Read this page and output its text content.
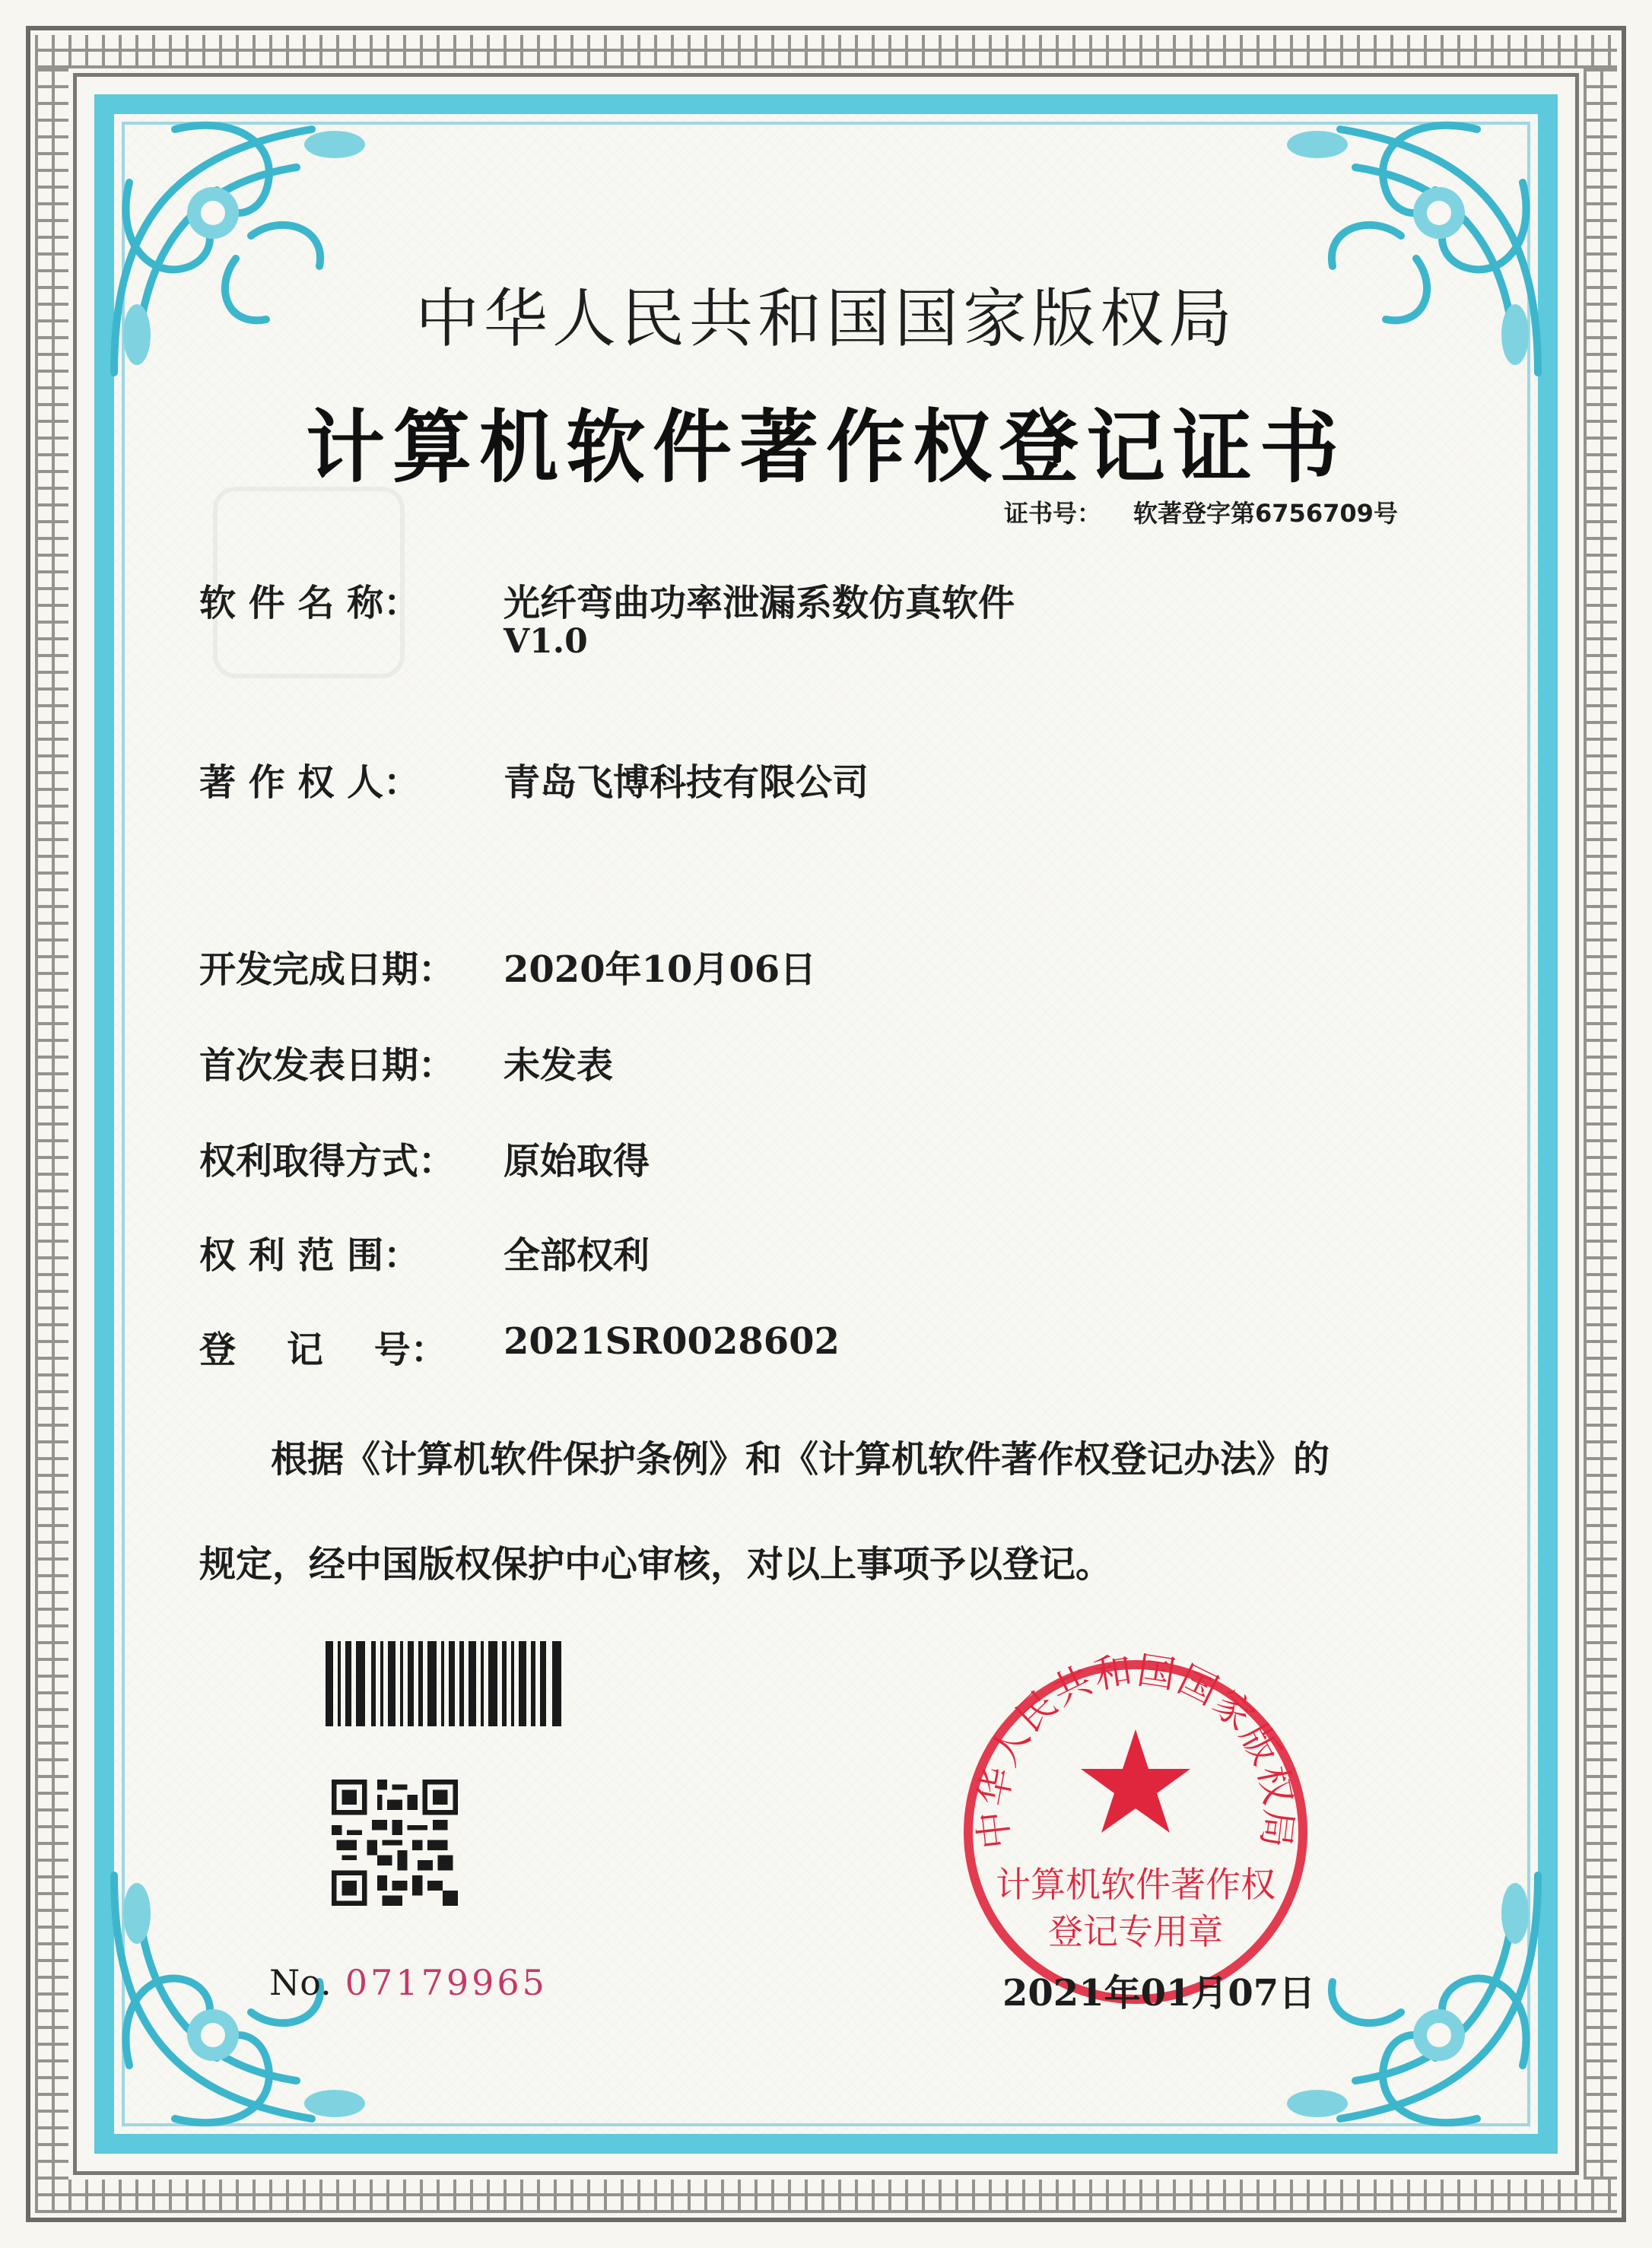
中华人民共和国国家版权局
计算机软件著作权登记证书
证书号： 软著登字第6756709号
软 件 名 称： 光纤弯曲功率泄漏系数仿真软件
V1.0
著 作 权 人： 青岛飞博科技有限公司
开发完成日期： 2020年10月06日
首次发表日期： 未发表
权利取得方式： 原始取得
权 利 范 围： 全部权利
登    记    号： 2021SR0028602
根据《计算机软件保护条例》和《计算机软件著作权登记办法》的
规定，经中国版权保护中心审核，对以上事项予以登记。
No. 07179965
中华人民共和国国家版权局
计算机软件著作权
登记专用章
2021年01月07日
